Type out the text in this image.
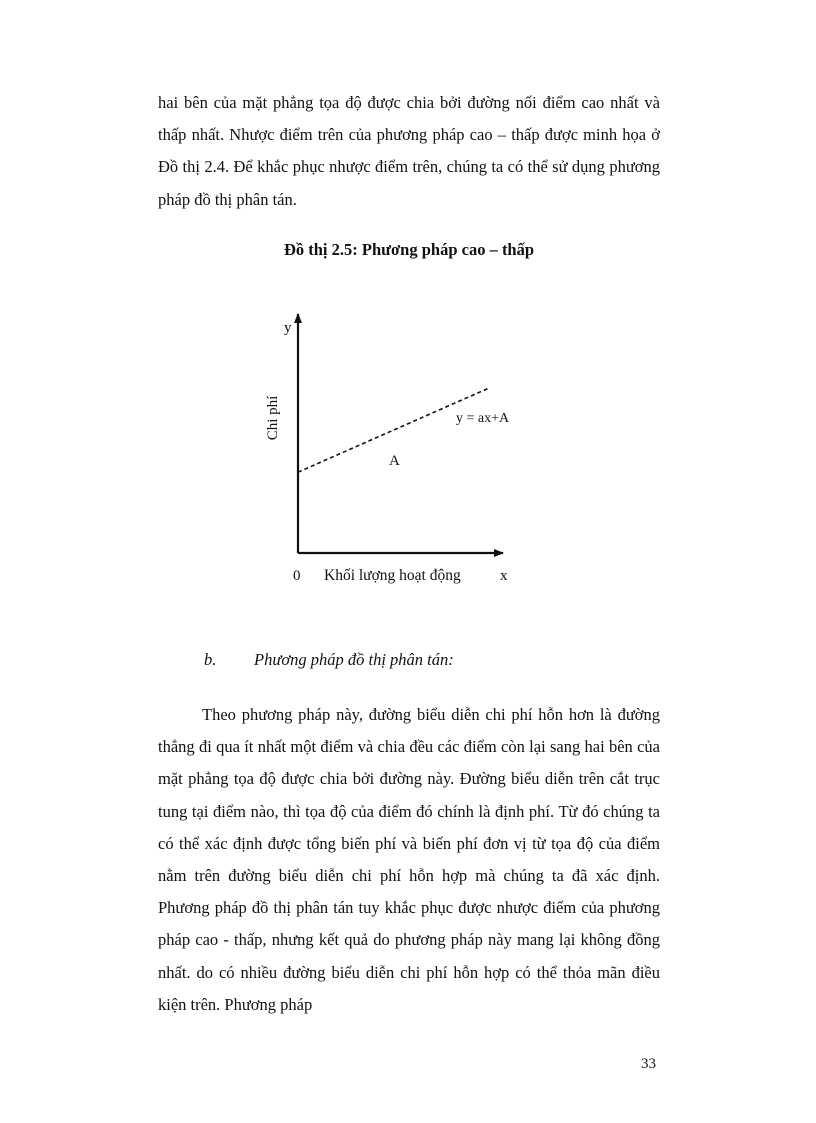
hai bên của mặt phẳng tọa độ được chia bởi đường nối điểm cao nhất và thấp nhất. Nhược điểm trên của phương pháp cao – thấp được minh họa ở Đồ thị 2.4. Để khắc phục nhược điểm trên, chúng ta có thể sử dụng phương pháp đồ thị phân tán.

Đồ thị 2.5: Phương pháp cao – thấp

y
Chi phí	y = ax+A
A
0 Khối lượng hoạt động	x

b. Phương pháp đồ thị phân tán:

Theo phương pháp này, đường biểu diễn chi phí hỗn hơn là đường thẳng đi qua ít nhất một điểm và chia đều các điểm còn lại sang hai bên của mặt phẳng tọa độ được chia bởi đường này. Đường biểu diễn trên cắt trục tung tại điểm nào, thì tọa độ của điểm đó chính là định phí. Từ đó chúng ta có thể xác định được tổng biến phí và biến phí đơn vị từ tọa độ của điểm nằm trên đường biểu diễn chi phí hỗn hợp mà chúng ta đã xác định. Phương pháp đồ thị phân tán tuy khắc phục được nhược điểm của phương pháp cao - thấp, nhưng kết quả do phương pháp này mang lại không đồng nhất. do có nhiều đường biểu diễn chi phí hỗn hợp có thể thỏa mãn điều kiện trên. Phương pháp

33
